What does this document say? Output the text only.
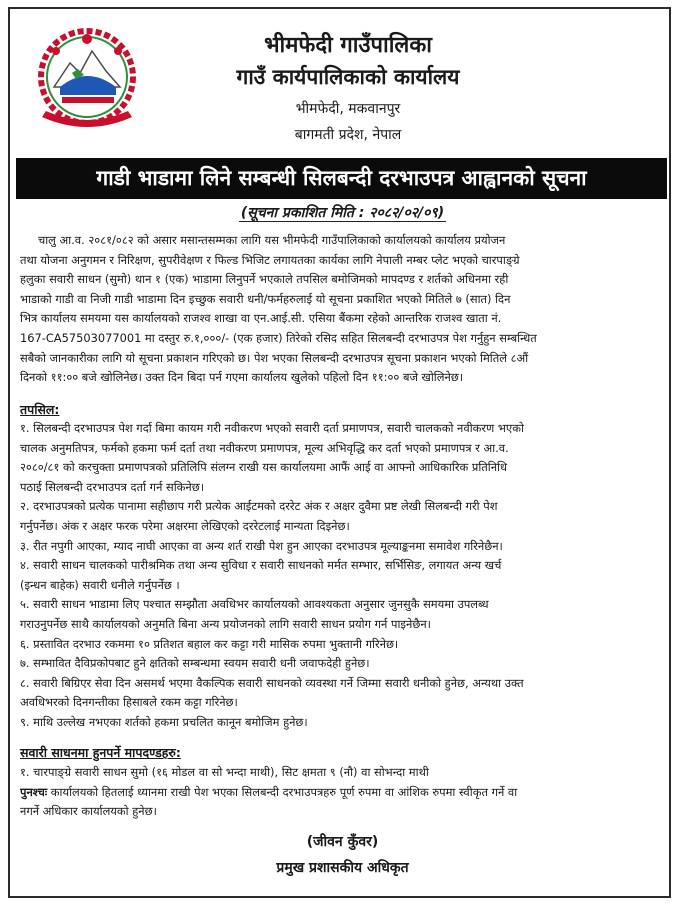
भीमफेदी गाउँपालिका
गाउँ कार्यपालिकाको कार्यालय
भीमफेदी, मकवानपुर
बागमती प्रदेश, नेपाल
गाडी भाडामा लिने सम्बन्धी सिलबन्दी दरभाउपत्र आह्वानको सूचना
(सूचना प्रकाशित मिति : २०८२/०२/०९)
चालु आ.व. २०८१/०८२ को असार मसान्तसम्मका लागि यस भीमफेदी गाउँपालिकाको कार्यालयको कार्यालय प्रयोजन
तथा योजना अनुगमन र निरिक्षण, सुपरीवेक्षण र फिल्ड भिजिट लगायतका कार्यका लागि नेपाली नम्बर प्लेट भएको चारपाङ्ग्रे
हलुका सवारी साधन (सुमो) थान १ (एक) भाडामा लिनुपर्ने भएकाले तपसिल बमोजिमको मापदण्ड र शर्तको अधिनमा रही
भाडाको गाडी वा निजी गाडी भाडामा दिन इच्छुक सवारी धनी/फर्महरुलाई यो सूचना प्रकाशित भएको मितिले ७ (सात) दिन
भित्र कार्यालय समयमा यस कार्यालयको राजश्व शाखा वा एन.आई.सी. एसिया बैंकमा रहेको आन्तरिक राजश्व खाता नं.
167-CA57503077001 मा दस्तुर रु.१,०००/- (एक हजार) तिरेको रसिद सहित सिलबन्दी दरभाउपत्र पेश गर्नुहुन सम्बन्धित
सबैको जानकारीका लागि यो सूचना प्रकाशन गरिएको छ। पेश भएका सिलबन्दी दरभाउपत्र सूचना प्रकाशन भएको मितिले ८औं
दिनको ११:०० बजे खोलिनेछ। उक्त दिन बिदा पर्न गएमा कार्यालय खुलेको पहिलो दिन ११:०० बजे खोलिनेछ।
तपसिल:
१. सिलबन्दी दरभाउपत्र पेश गर्दा बिमा कायम गरी नवीकरण भएको सवारी दर्ता प्रमाणपत्र, सवारी चालकको नवीकरण भएको
चालक अनुमतिपत्र, फर्मको हकमा फर्म दर्ता तथा नवीकरण प्रमाणपत्र, मूल्य अभिवृद्धि कर दर्ता भएको प्रमाणपत्र र आ.व.
२०८०/८१ को करचुक्ता प्रमाणपत्रको प्रतिलिपि संलग्न राखी यस कार्यालयमा आफैं आई वा आफ्नो आधिकारिक प्रतिनिधि
पठाई सिलबन्दी दरभाउपत्र दर्ता गर्न सकिनेछ।
२. दरभाउपत्रको प्रत्येक पानामा सहीछाप गरी प्रत्येक आईटमको दररेट अंक र अक्षर दुवैमा प्रष्ट लेखी सिलबन्दी गरी पेश
गर्नुपर्नेछ। अंक र अक्षर फरक परेमा अक्षरमा लेखिएको दररेटलाई मान्यता दिइनेछ।
३. रीत नपुगी आएका, म्याद नाघी आएका वा अन्य शर्त राखी पेश हुन आएका दरभाउपत्र मूल्याङ्कनमा समावेश गरिनेछैन।
४. सवारी साधन चालकको पारीश्रमिक तथा अन्य सुविधा र सवारी साधनको मर्मत सम्भार, सर्भिसिङ, लगायत अन्य खर्च
(इन्धन बाहेक) सवारी धनीले गर्नुपर्नेछ ।
५. सवारी साधन भाडामा लिए पश्चात सम्झौता अवधिभर कार्यालयको आवश्यकता अनुसार जुनसुकै समयमा उपलब्ध
गराउनुपर्नेछ साथै कार्यालयको अनुमति बिना अन्य प्रयोजनको लागि सवारी साधन प्रयोग गर्न पाइनेछैन।
६. प्रस्तावित दरभाउ रकममा १० प्रतिशत बहाल कर कट्टा गरी मासिक रुपमा भुक्तानी गरिनेछ।
७. सम्भावित दैविप्रकोपबाट हुने क्षतिको सम्बन्धमा स्वयम सवारी धनी जवाफदेही हुनेछ।
८. सवारी बिग्रिएर सेवा दिन असमर्थ भएमा वैकल्पिक सवारी साधनको व्यवस्था गर्ने जिम्मा सवारी धनीको हुनेछ, अन्यथा उक्त
अवधिभरको दिनगन्तीका हिसाबले रकम कट्टा गरिनेछ।
९. माथि उल्लेख नभएका शर्तको हकमा प्रचलित कानून बमोजिम हुनेछ।
सवारी साधनमा हुनपर्ने मापदण्डहरु:
१. चारपाङ्ग्रे सवारी साधन सुमो (१६ मोडल वा सो भन्दा माथी), सिट क्षमता ९ (नौ) वा सोभन्दा माथी
पुनश्चः कार्यालयको हितलाई ध्यानमा राखी पेश भएका सिलबन्दी दरभाउपत्रहरु पूर्ण रुपमा वा आंशिक रुपमा स्वीकृत गर्ने वा
नगर्ने अधिकार कार्यालयको हुनेछ।
(जीवन कुँवर)
प्रमुख प्रशासकीय अधिकृत
